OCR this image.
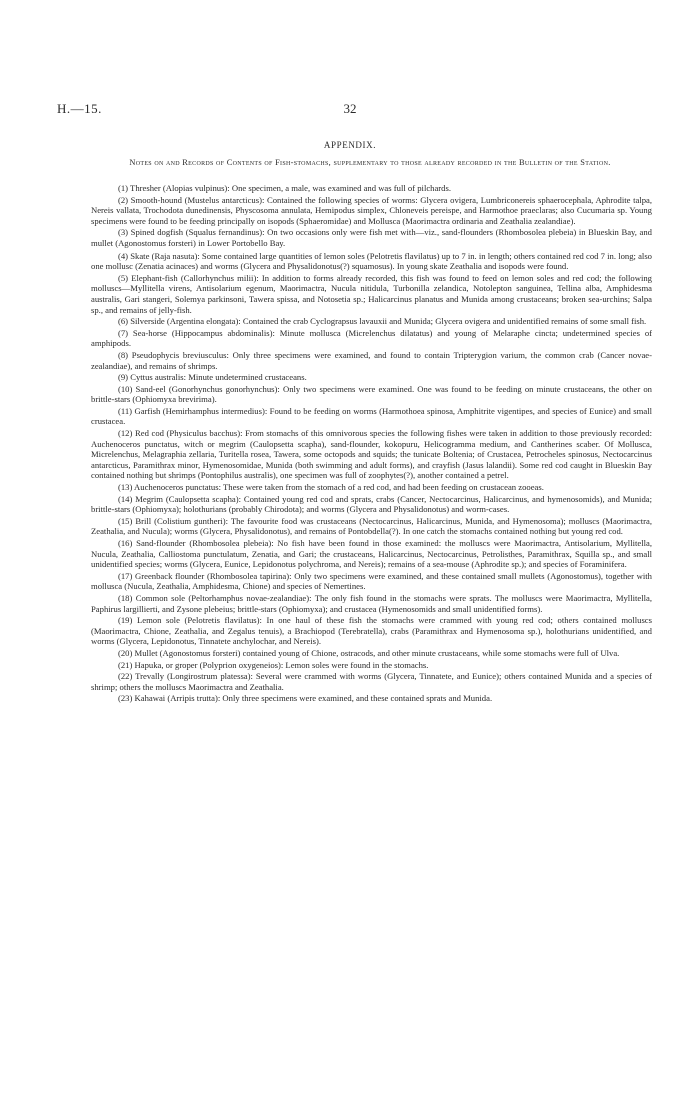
H.—15.	32
APPENDIX.
Notes on and Records of Contents of Fish-stomachs, supplementary to those already recorded in the Bulletin of the Station.

(1) Thresher (Alopias vulpinus): One specimen, a male, was examined and was full of pilchards.

(2) Smooth-hound (Mustelus antarcticus): Contained the following species of worms: Glycera ovigera, Lumbriconereis sphaerocephala, Aphrodite talpa, Nereis vallata, Trochodota dunedinensis, Physcosoma annulata, Hemipodus simplex, Chloneveis pereispe, and Harmothoe praeclaras; also Cucumaria sp. Young specimens were found to be feeding principally on isopods (Sphaeromidae) and Mollusca (Maorimactra ordinaria and Zeathalia zealandiae).

(3) Spined dogfish (Squalus fernandinus): On two occasions only were fish met with—viz., sand-flounders (Rhombosolea plebeia) in Blueskin Bay, and mullet (Agonostomus forsteri) in Lower Portobello Bay.

(4) Skate (Raja nasuta): Some contained large quantities of lemon soles (Pelotretis flavilatus) up to 7 in. in length; others contained red cod 7 in. long; also one mollusc (Zenatia acinaces) and worms (Glycera and Physalidonotus(?) squamosus). In young skate Zeathalia and isopods were found.

(5) Elephant-fish (Callorhynchus milii): In addition to forms already recorded, this fish was found to feed on lemon soles and red cod; the following molluscs—Myllitella virens, Antisolarium egenum, Maorimactra, Nucula nitidula, Turbonilla zelandica, Notolepton sanguinea, Tellina alba, Amphidesma australis, Gari stangeri, Solemya parkinsoni, Tawera spissa, and Notosetia sp.; Halicarcinus planatus and Munida among crustaceans; broken sea-urchins; Salpa sp., and remains of jelly-fish.

(6) Silverside (Argentina elongata): Contained the crab Cyclograpsus lavauxii and Munida; Glycera ovigera and unidentified remains of some small fish.

(7) Sea-horse (Hippocampus abdominalis): Minute mollusca (Micrelenchus dilatatus) and young of Melaraphe cincta; undetermined species of amphipods.

(8) Pseudophycis breviusculus: Only three specimens were examined, and found to contain Tripterygion varium, the common crab (Cancer novae-zealandiae), and remains of shrimps.

(9) Cyttus australis: Minute undetermined crustaceans.

(10) Sand-eel (Gonorhynchus gonorhynchus): Only two specimens were examined. One was found to be feeding on minute crustaceans, the other on brittle-stars (Ophiomyxa brevirima).

(11) Garfish (Hemirhamphus intermedius): Found to be feeding on worms (Harmothoea spinosa, Amphitrite vigentipes, and species of Eunice) and small crustacea.

(12) Red cod (Physiculus bacchus): From stomachs of this omnivorous species the following fishes were taken in addition to those previously recorded: Auchenoceros punctatus, witch or megrim (Caulopsetta scapha), sand-flounder, kokopuru, Helicogramma medium, and Cantherines scaber. Of Mollusca, Micrelenchus, Melagraphia zellaria, Turitella rosea, Tawera, some octopods and squids; the tunicate Boltenia; of Crustacea, Petrocheles spinosus, Nectocarcinus antarcticus, Paramithrax minor, Hymenosomidae, Munida (both swimming and adult forms), and crayfish (Jasus lalandii). Some red cod caught in Blueskin Bay contained nothing but shrimps (Pontophilus australis), one specimen was full of zoophytes(?), another contained a petrel.

(13) Auchenoceros punctatus: These were taken from the stomach of a red cod, and had been feeding on crustacean zooeas.

(14) Megrim (Caulopsetta scapha): Contained young red cod and sprats, crabs (Cancer, Nectocarcinus, Halicarcinus, and hymenosomids), and Munida; brittle-stars (Ophiomyxa); holothurians (probably Chirodota); and worms (Glycera and Physalidonotus) and worm-cases.

(15) Brill (Colistium guntheri): The favourite food was crustaceans (Nectocarcinus, Halicarcinus, Munida, and Hymenosoma); molluscs (Maorimactra, Zeathalia, and Nucula); worms (Glycera, Physalidonotus), and remains of Pontobdella(?). In one catch the stomachs contained nothing but young red cod.

(16) Sand-flounder (Rhombosolea plebeia): No fish have been found in those examined: the molluscs were Maorimactra, Antisolarium, Myllitella, Nucula, Zeathalia, Calliostoma punctulatum, Zenatia, and Gari; the crustaceans, Halicarcinus, Nectocarcinus, Petrolisthes, Paramithrax, Squilla sp., and small unidentified species; worms (Glycera, Eunice, Lepidonotus polychroma, and Nereis); remains of a sea-mouse (Aphrodite sp.); and species of Foraminifera.

(17) Greenback flounder (Rhombosolea tapirina): Only two specimens were examined, and these contained small mullets (Agonostomus), together with mollusca (Nucula, Zeathalia, Amphidesma, Chione) and species of Nemertines.

(18) Common sole (Peltorhamphus novae-zealandiae): The only fish found in the stomachs were sprats. The molluscs were Maorimactra, Myllitella, Paphirus largillierti, and Zysone plebeius; brittle-stars (Ophiomyxa); and crustacea (Hymenosomids and small unidentified forms).

(19) Lemon sole (Pelotretis flavilatus): In one haul of these fish the stomachs were crammed with young red cod; others contained molluscs (Maorimactra, Chione, Zeathalia, and Zegalus tenuis), a Brachiopod (Terebratella), crabs (Paramithrax and Hymenosoma sp.), holothurians unidentified, and worms (Glycera, Lepidonotus, Tinnatete anchylochar, and Nereis).

(20) Mullet (Agonostomus forsteri) contained young of Chione, ostracods, and other minute crustaceans, while some stomachs were full of Ulva.

(21) Hapuka, or groper (Polyprion oxygeneios): Lemon soles were found in the stomachs.

(22) Trevally (Longirostrum platessa): Several were crammed with worms (Glycera, Tinnatete, and Eunice); others contained Munida and a species of shrimp; others the molluscs Maorimactra and Zeathalia.

(23) Kahawai (Arripis trutta): Only three specimens were examined, and these contained sprats and Munida.
